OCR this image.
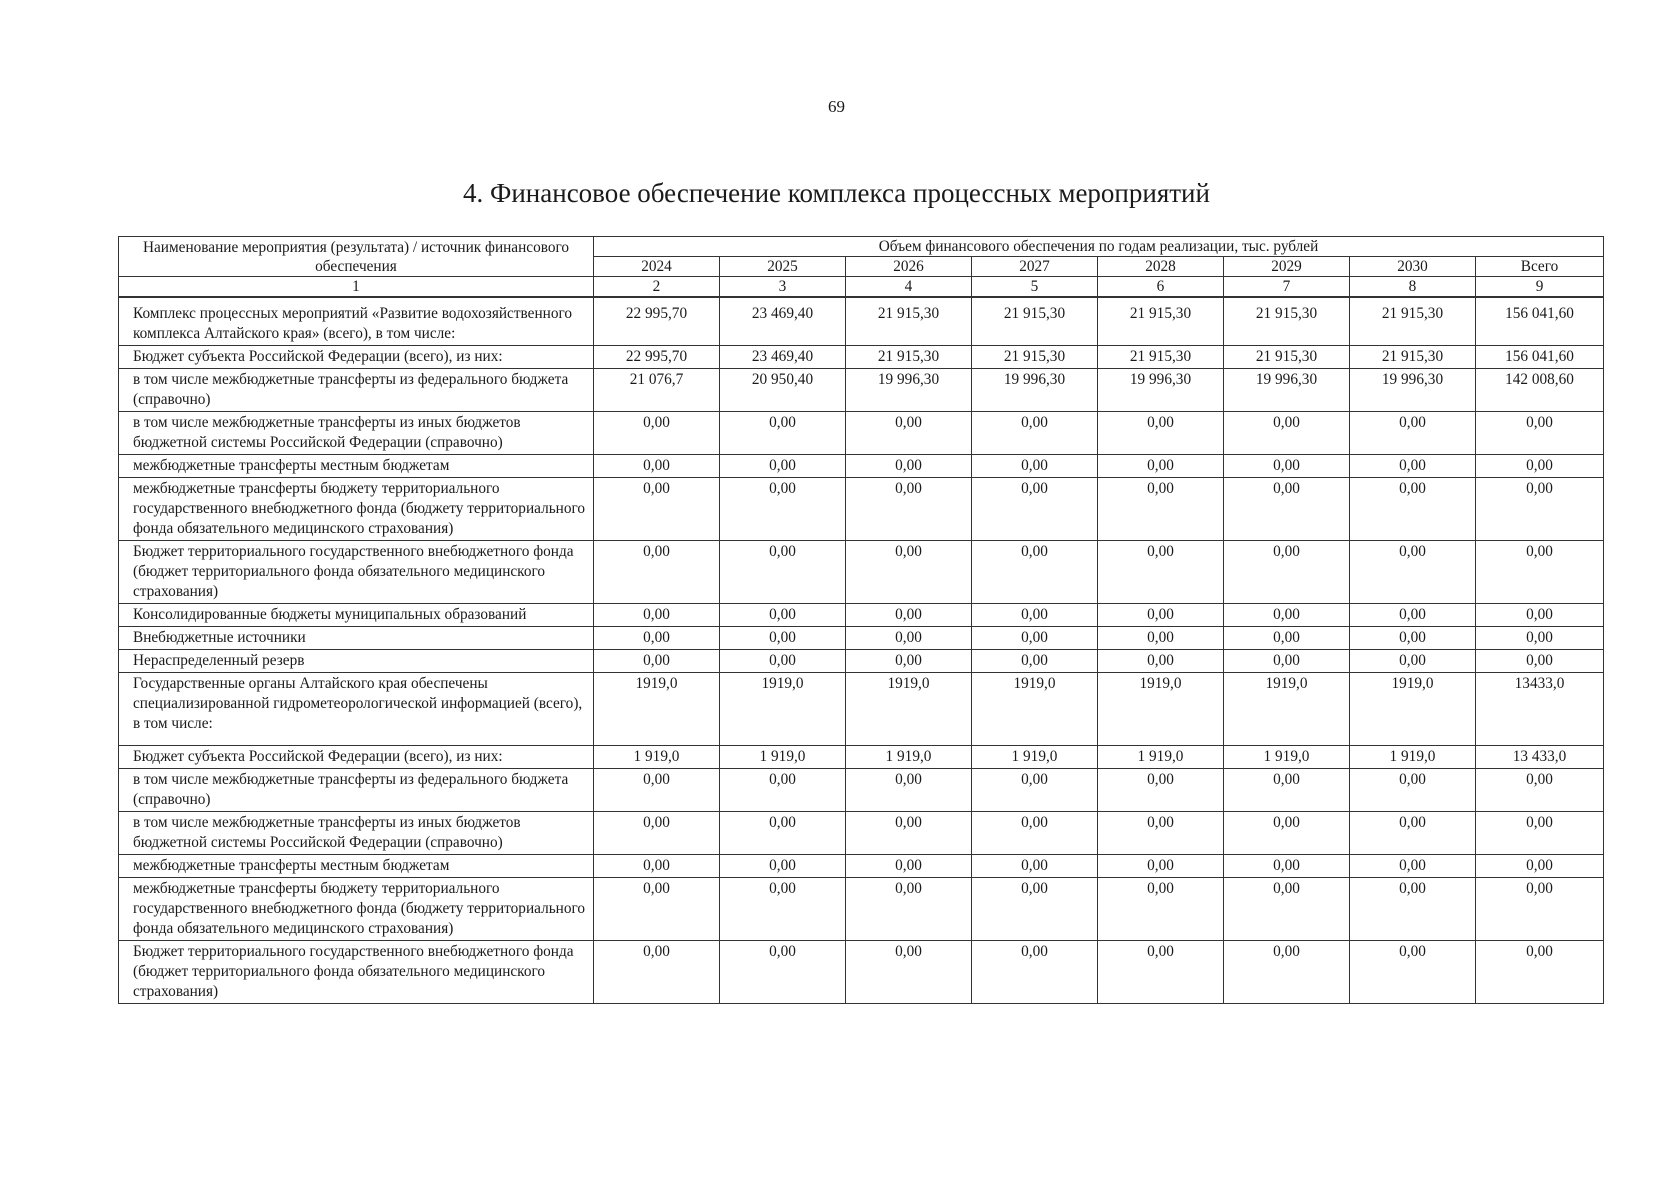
69
4. Финансовое обеспечение комплекса процессных мероприятий
Наименование мероприятия (результата) / источник финансового обеспечения	Объем финансового обеспечения по годам реализации, тыс. рублей							
	2024	2025	2026	2027	2028	2029	2030	Всего
1	2	3	4	5	6	7	8	9
Комплекс процессных мероприятий «Развитие водохозяйственного комплекса Алтайского края» (всего), в том числе:	22 995,70	23 469,40	21 915,30	21 915,30	21 915,30	21 915,30	21 915,30	156 041,60
Бюджет субъекта Российской Федерации (всего), из них:	22 995,70	23 469,40	21 915,30	21 915,30	21 915,30	21 915,30	21 915,30	156 041,60
в том числе межбюджетные трансферты из федерального бюджета (справочно)	21 076,7	20 950,40	19 996,30	19 996,30	19 996,30	19 996,30	19 996,30	142 008,60
в том числе межбюджетные трансферты из иных бюджетов бюджетной системы Российской Федерации (справочно)	0,00	0,00	0,00	0,00	0,00	0,00	0,00	0,00
межбюджетные трансферты местным бюджетам	0,00	0,00	0,00	0,00	0,00	0,00	0,00	0,00
межбюджетные трансферты бюджету территориального государственного внебюджетного фонда (бюджету территориального фонда обязательного медицинского страхования)	0,00	0,00	0,00	0,00	0,00	0,00	0,00	0,00
Бюджет территориального государственного внебюджетного фонда (бюджет территориального фонда обязательного медицинского страхования)	0,00	0,00	0,00	0,00	0,00	0,00	0,00	0,00
Консолидированные бюджеты муниципальных образований	0,00	0,00	0,00	0,00	0,00	0,00	0,00	0,00
Внебюджетные источники	0,00	0,00	0,00	0,00	0,00	0,00	0,00	0,00
Нераспределенный резерв	0,00	0,00	0,00	0,00	0,00	0,00	0,00	0,00
Государственные органы Алтайского края обеспечены специализированной гидрометеорологической информацией (всего), в том числе:	1919,0	1919,0	1919,0	1919,0	1919,0	1919,0	1919,0	13433,0
Бюджет субъекта Российской Федерации (всего), из них:	1 919,0	1 919,0	1 919,0	1 919,0	1 919,0	1 919,0	1 919,0	13 433,0
в том числе межбюджетные трансферты из федерального бюджета (справочно)	0,00	0,00	0,00	0,00	0,00	0,00	0,00	0,00
в том числе межбюджетные трансферты из иных бюджетов бюджетной системы Российской Федерации (справочно)	0,00	0,00	0,00	0,00	0,00	0,00	0,00	0,00
межбюджетные трансферты местным бюджетам	0,00	0,00	0,00	0,00	0,00	0,00	0,00	0,00
межбюджетные трансферты бюджету территориального государственного внебюджетного фонда (бюджету территориального фонда обязательного медицинского страхования)	0,00	0,00	0,00	0,00	0,00	0,00	0,00	0,00
Бюджет территориального государственного внебюджетного фонда (бюджет территориального фонда обязательного медицинского страхования)	0,00	0,00	0,00	0,00	0,00	0,00	0,00	0,00
